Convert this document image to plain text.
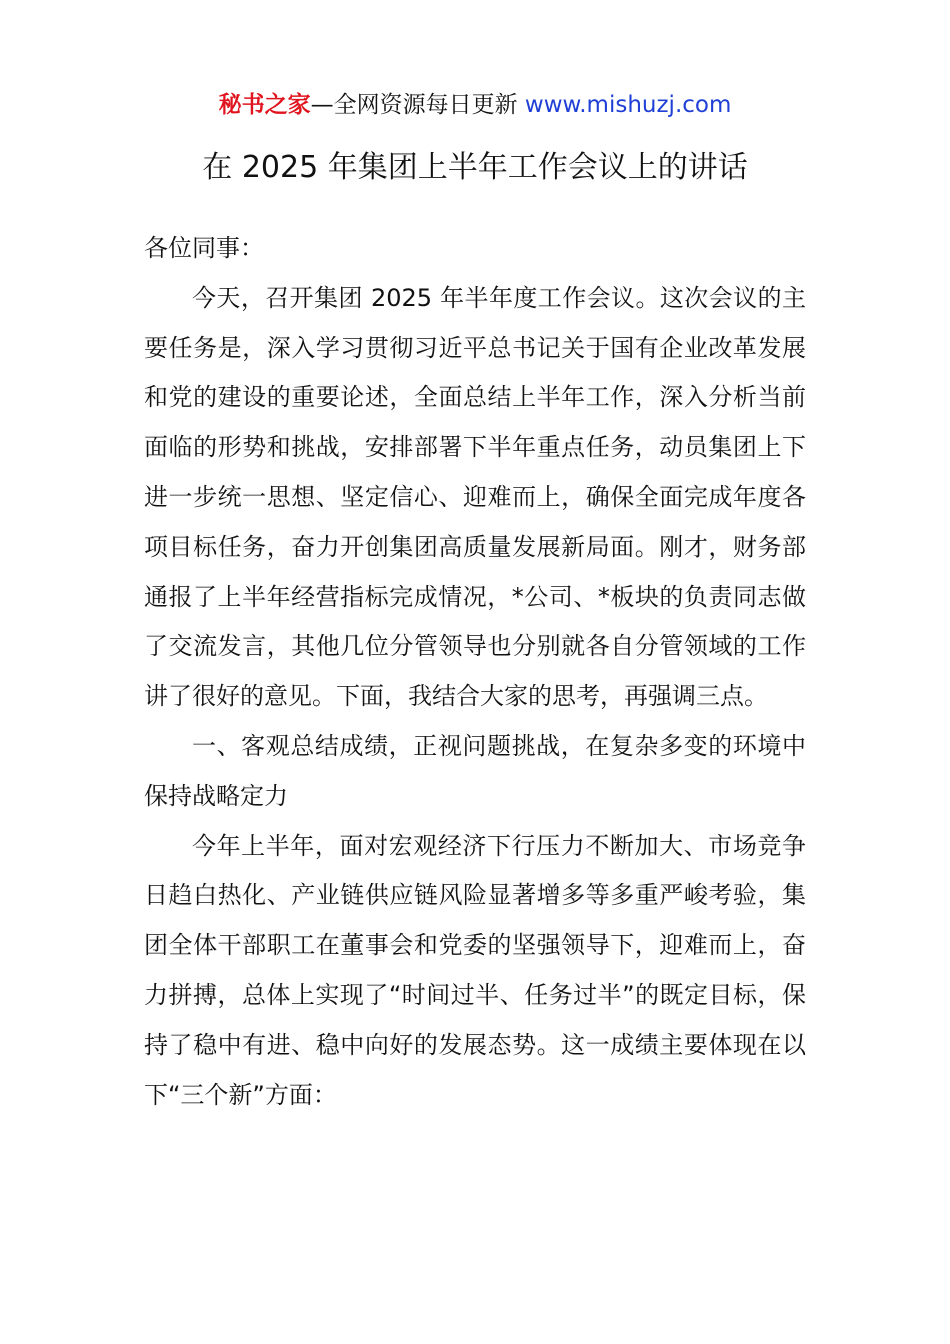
秘书之家—全网资源每日更新 www.mishuzj.com
在 2025 年集团上半年工作会议上的讲话

各位同事：

今天，召开集团 2025 年半年度工作会议。这次会议的主要任务是，深入学习贯彻习近平总书记关于国有企业改革发展和党的建设的重要论述，全面总结上半年工作，深入分析当前面临的形势和挑战，安排部署下半年重点任务，动员集团上下进一步统一思想、坚定信心、迎难而上，确保全面完成年度各项目标任务，奋力开创集团高质量发展新局面。刚才，财务部通报了上半年经营指标完成情况，*公司、*板块的负责同志做了交流发言，其他几位分管领导也分别就各自分管领域的工作讲了很好的意见。下面，我结合大家的思考，再强调三点。

一、客观总结成绩，正视问题挑战，在复杂多变的环境中保持战略定力

今年上半年，面对宏观经济下行压力不断加大、市场竞争日趋白热化、产业链供应链风险显著增多等多重严峻考验，集团全体干部职工在董事会和党委的坚强领导下，迎难而上，奋力拼搏，总体上实现了“时间过半、任务过半”的既定目标，保持了稳中有进、稳中向好的发展态势。这一成绩主要体现在以下“三个新”方面：
